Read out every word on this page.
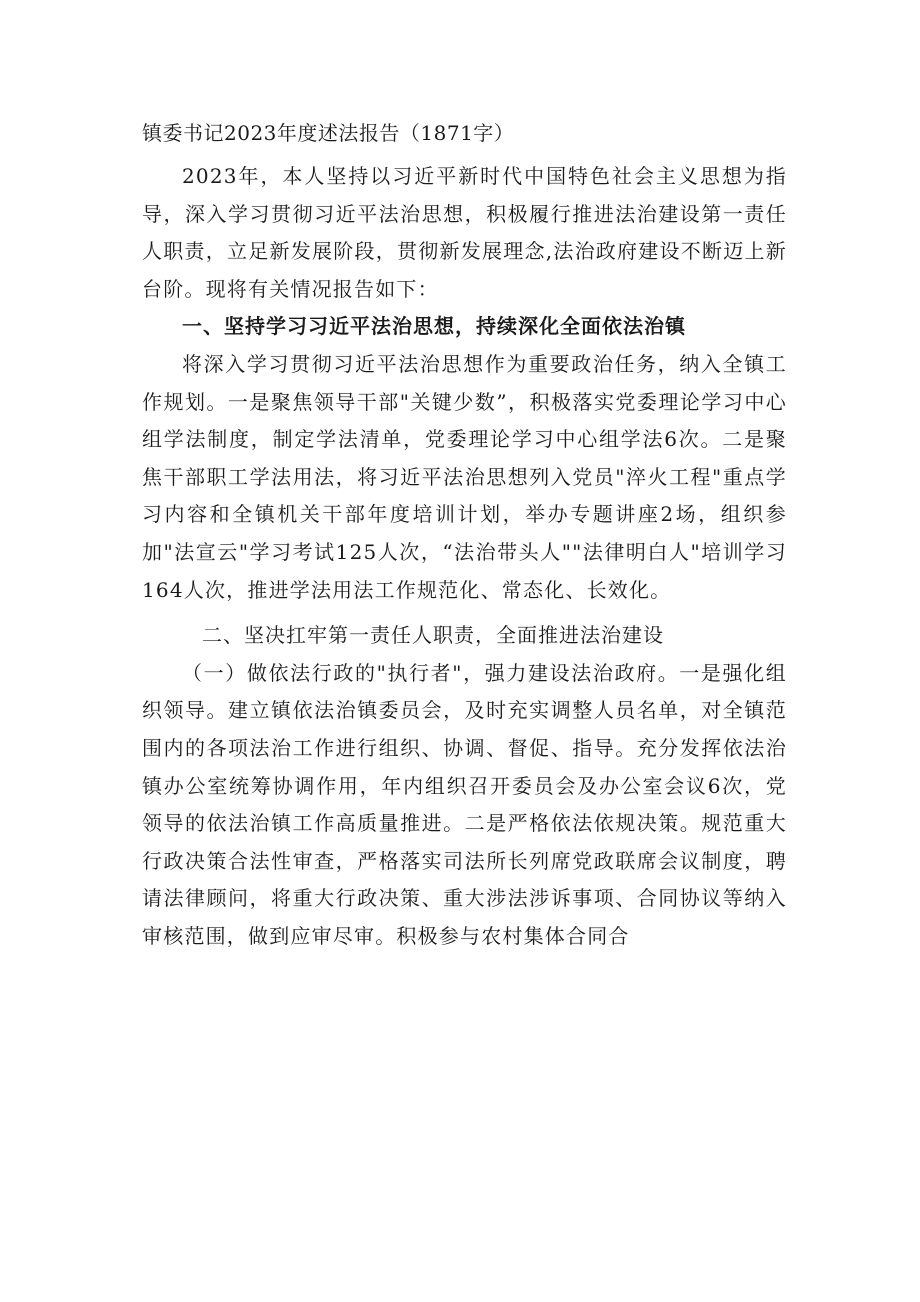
镇委书记2023年度述法报告（1871字）

2023年，本人坚持以习近平新时代中国特色社会主义思想为指导，深入学习贯彻习近平法治思想，积极履行推进法治建设第一责任人职责，立足新发展阶段，贯彻新发展理念,法治政府建设不断迈上新台阶。现将有关情况报告如下：

一、坚持学习习近平法治思想，持续深化全面依法治镇

将深入学习贯彻习近平法治思想作为重要政治任务，纳入全镇工作规划。一是聚焦领导干部"关键少数”，积极落实党委理论学习中心组学法制度，制定学法清单，党委理论学习中心组学法6次。二是聚焦干部职工学法用法，将习近平法治思想列入党员"淬火工程"重点学习内容和全镇机关干部年度培训计划，举办专题讲座2场，组织参加"法宣云"学习考试125人次，“法治带头人""法律明白人"培训学习164人次，推进学法用法工作规范化、常态化、长效化。

二、坚决扛牢第一责任人职责，全面推进法治建设

（一）做依法行政的"执行者"，强力建设法治政府。一是强化组织领导。建立镇依法治镇委员会，及时充实调整人员名单，对全镇范围内的各项法治工作进行组织、协调、督促、指导。充分发挥依法治镇办公室统筹协调作用，年内组织召开委员会及办公室会议6次，党领导的依法治镇工作高质量推进。二是严格依法依规决策。规范重大行政决策合法性审查，严格落实司法所长列席党政联席会议制度，聘请法律顾问，将重大行政决策、重大涉法涉诉事项、合同协议等纳入审核范围，做到应审尽审。积极参与农村集体合同合
